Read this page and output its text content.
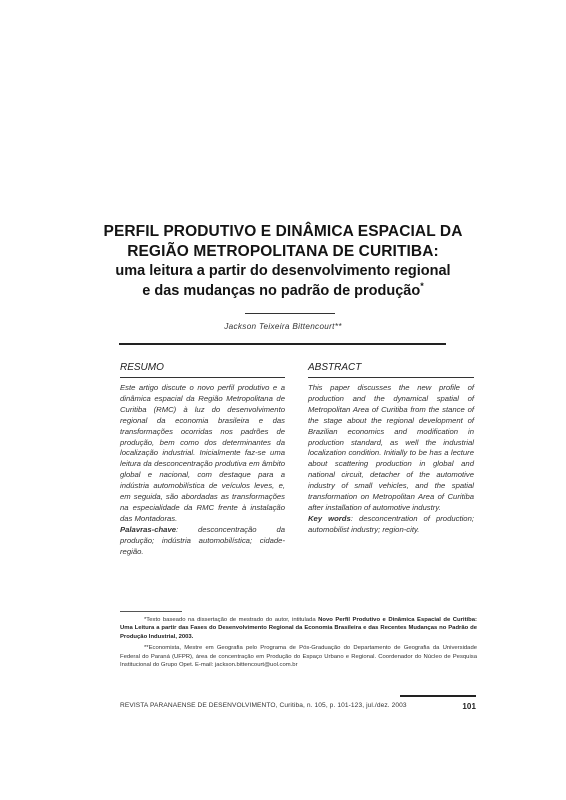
PERFIL PRODUTIVO E DINÂMICA ESPACIAL DA
REGIÃO METROPOLITANA DE CURITIBA:
uma leitura a partir do desenvolvimento regional
e das mudanças no padrão de produção*
Jackson Teixeira Bittencourt**
RESUMO
Este artigo discute o novo perfil produtivo e a dinâmica espacial da Região Metropolitana de Curitiba (RMC) à luz do desenvolvimento regional da economia brasileira e das transformações ocorridas nos padrões de produção, bem como dos determinantes da localização industrial. Inicialmente faz-se uma leitura da desconcentração produtiva em âmbito global e nacional, com destaque para a indústria automobilística de veículos leves, e, em seguida, são abordadas as transformações na especialidade da RMC frente à instalação das Montadoras.
Palavras-chave: desconcentração da produção; indústria automobilística; cidade-região.
ABSTRACT
This paper discusses the new profile of production and the dynamical spatial of Metropolitan Area of Curitiba from the stance of the stage about the regional development of Brazilian economics and modification in production standard, as well the industrial localization condition. Initially to be has a lecture about scattering production in global and national circuit, detacher of the automotive industry of small vehicles, and the spatial transformation on Metropolitan Area of Curitiba after installation of automotive industry.
Key words: desconcentration of production; automobilist industry; region-city.
*Texto baseado na dissertação de mestrado do autor, intitulada Novo Perfil Produtivo e Dinâmica Espacial de Curitiba: Uma Leitura a partir das Fases do Desenvolvimento Regional da Economia Brasileira e das Recentes Mudanças no Padrão de Produção Industrial, 2003.
**Economista, Mestre em Geografia pelo Programa de Pós-Graduação do Departamento de Geografia da Universidade Federal do Paraná (UFPR), área de concentração em Produção do Espaço Urbano e Regional. Coordenador do Núcleo de Pesquisa Institucional do Grupo Opet. E-mail: jackson.bittencourt@uol.com.br
REVISTA PARANAENSE DE DESENVOLVIMENTO, Curitiba, n. 105, p. 101-123, jul./dez. 2003	101
